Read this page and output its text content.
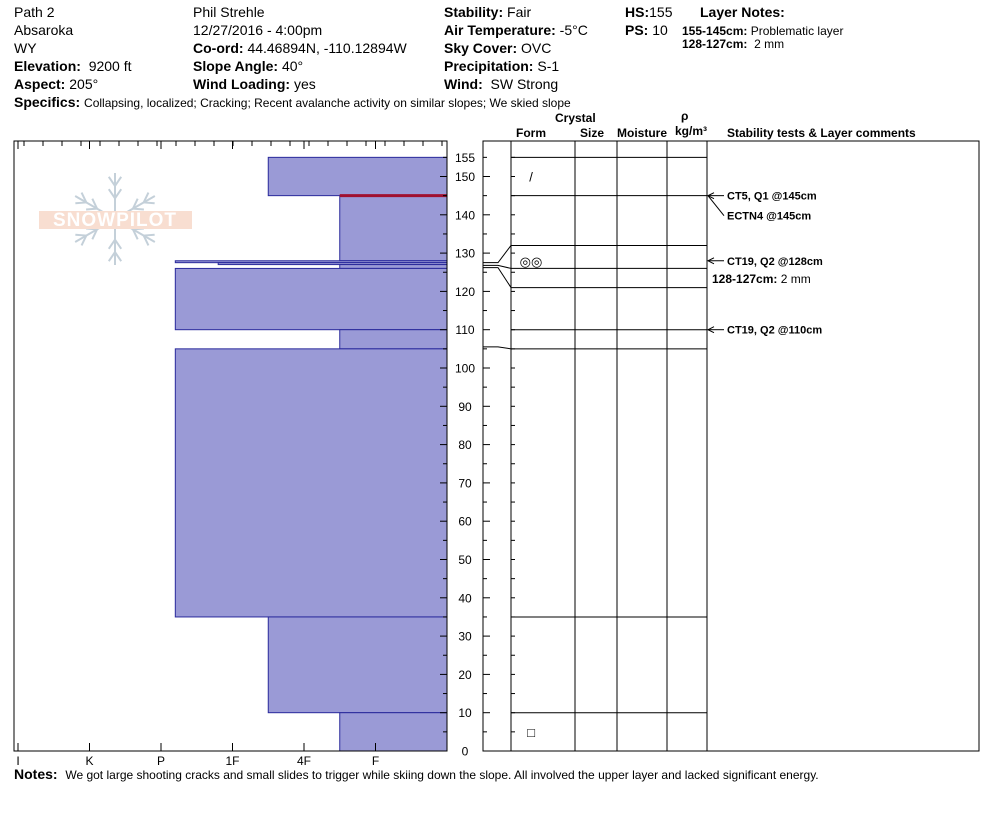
Path 2
Absaroka
WY
Elevation: 9200 ft
Aspect: 205°
Phil Strehle
12/27/2016 - 4:00pm
Co-ord: 44.46894N, -110.12894W
Slope Angle: 40°
Wind Loading: yes
Stability: Fair
Air Temperature: -5°C
Sky Cover: OVC
Precipitation: S-1
Wind: SW Strong
HS:155
PS: 10
Layer Notes:
155-145cm: Problematic layer
128-127cm: 2 mm
Specifics: Collapsing, localized; Cracking; Recent avalanche activity on similar slopes; We skied slope
Crystal
Form	Size Moisture
ρ
kg/m³ Stability tests & Layer comments
SNOWPILOT
0
10
20
30
40
50
60
70
80
90
100
110
120
130
140
150
155
I	K	P	1F	4F	F
/
◎◎
□
CT5, Q1 @145cm
ECTN4 @145cm
CT19, Q2 @128cm
CT19, Q2 @110cm
128-127cm: 2 mm
Notes: We got large shooting cracks and small slides to trigger while skiing down the slope. All involved the upper layer and lacked significant energy.
